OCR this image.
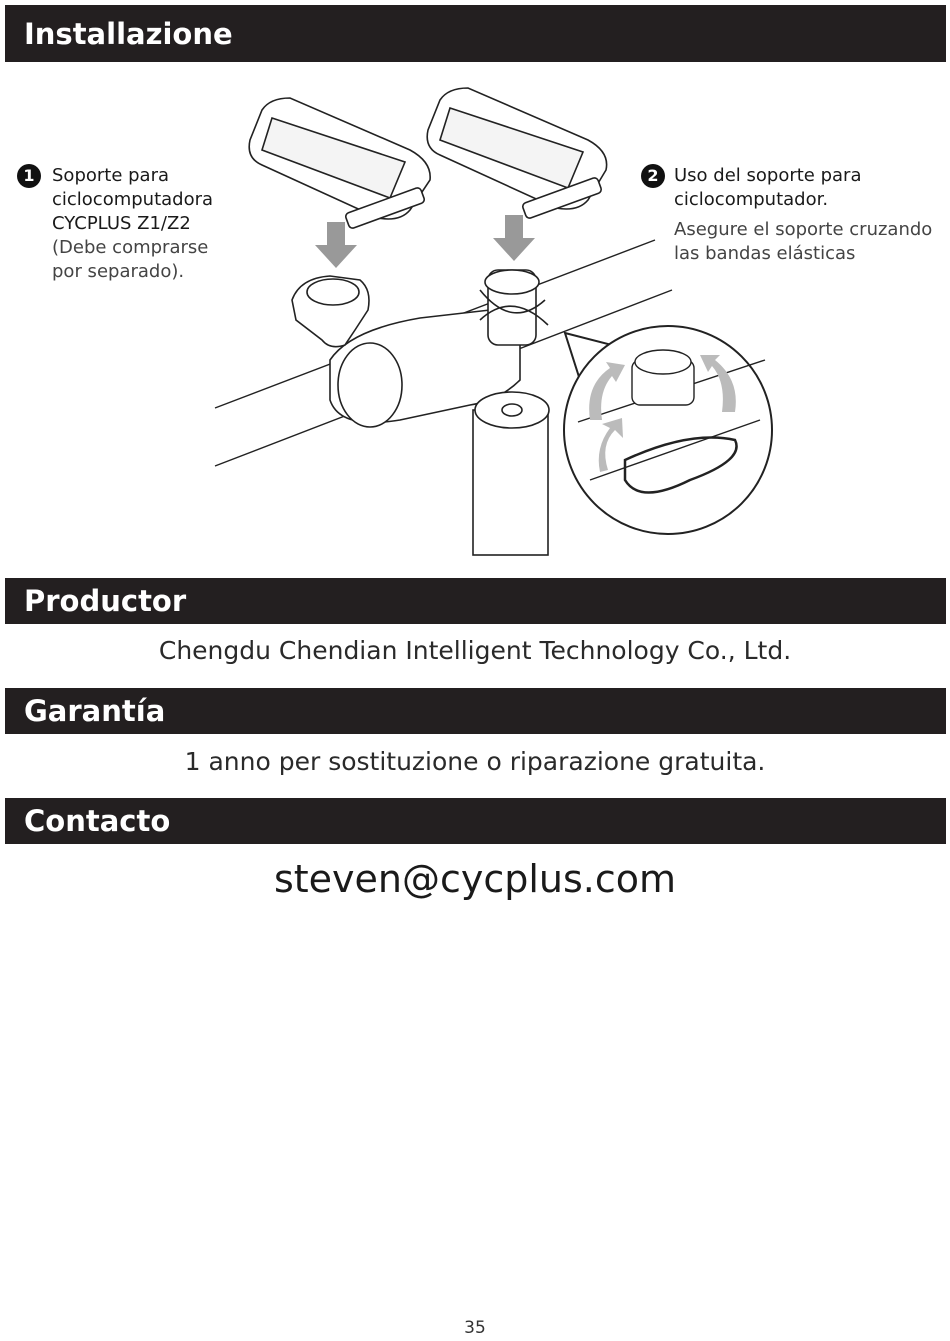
Installazione
1 Soporte para
ciclocomputadora
CYCPLUS Z1/Z2
(Debe comprarse
por separado).
2 Uso del soporte para
ciclocomputador.
Asegure el soporte cruzando
las bandas elásticas
Productor
Chengdu Chendian Intelligent Technology Co., Ltd.
Garantía
1 anno per sostituzione o riparazione gratuita.
Contacto
steven@cycplus.com
35
